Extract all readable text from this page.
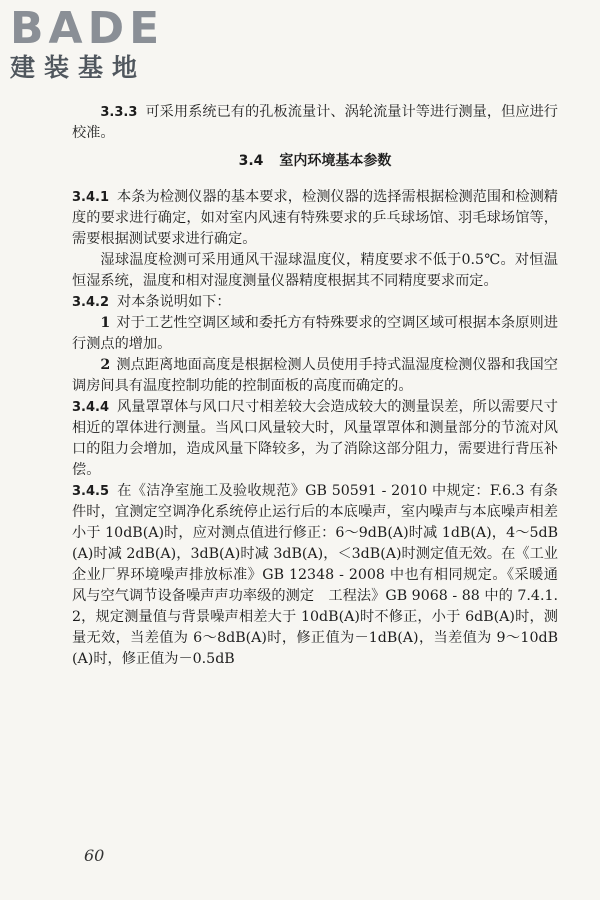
BADE
建装基地

3.3.3 可采用系统已有的孔板流量计、涡轮流量计等进行测量，但应进行校准。

3.4 室内环境基本参数

3.4.1 本条为检测仪器的基本要求，检测仪器的选择需根据检测范围和检测精度的要求进行确定，如对室内风速有特殊要求的乒乓球场馆、羽毛球场馆等，需要根据测试要求进行确定。

湿球温度检测可采用通风干湿球温度仪，精度要求不低于0.5℃。对恒温恒湿系统，温度和相对湿度测量仪器精度根据其不同精度要求而定。

3.4.2 对本条说明如下：

1 对于工艺性空调区域和委托方有特殊要求的空调区域可根据本条原则进行测点的增加。

2 测点距离地面高度是根据检测人员使用手持式温湿度检测仪器和我国空调房间具有温度控制功能的控制面板的高度而确定的。

3.4.4 风量罩罩体与风口尺寸相差较大会造成较大的测量误差，所以需要尺寸相近的罩体进行测量。当风口风量较大时，风量罩罩体和测量部分的节流对风口的阻力会增加，造成风量下降较多，为了消除这部分阻力，需要进行背压补偿。

3.4.5 在《洁净室施工及验收规范》GB 50591 - 2010 中规定：F.6.3 有条件时，宜测定空调净化系统停止运行后的本底噪声，室内噪声与本底噪声相差小于 10dB(A)时，应对测点值进行修正：6～9dB(A)时减 1dB(A)，4～5dB(A)时减 2dB(A)，3dB(A)时减 3dB(A)，＜3dB(A)时测定值无效。在《工业企业厂界环境噪声排放标准》GB 12348 - 2008 中也有相同规定。《采暖通风与空气调节设备噪声声功率级的测定　工程法》GB 9068 - 88 中的 7.4.1.2，规定测量值与背景噪声相差大于 10dB(A)时不修正，小于 6dB(A)时，测量无效，当差值为 6～8dB(A)时，修正值为－1dB(A)，当差值为 9～10dB(A)时，修正值为－0.5dB

60
